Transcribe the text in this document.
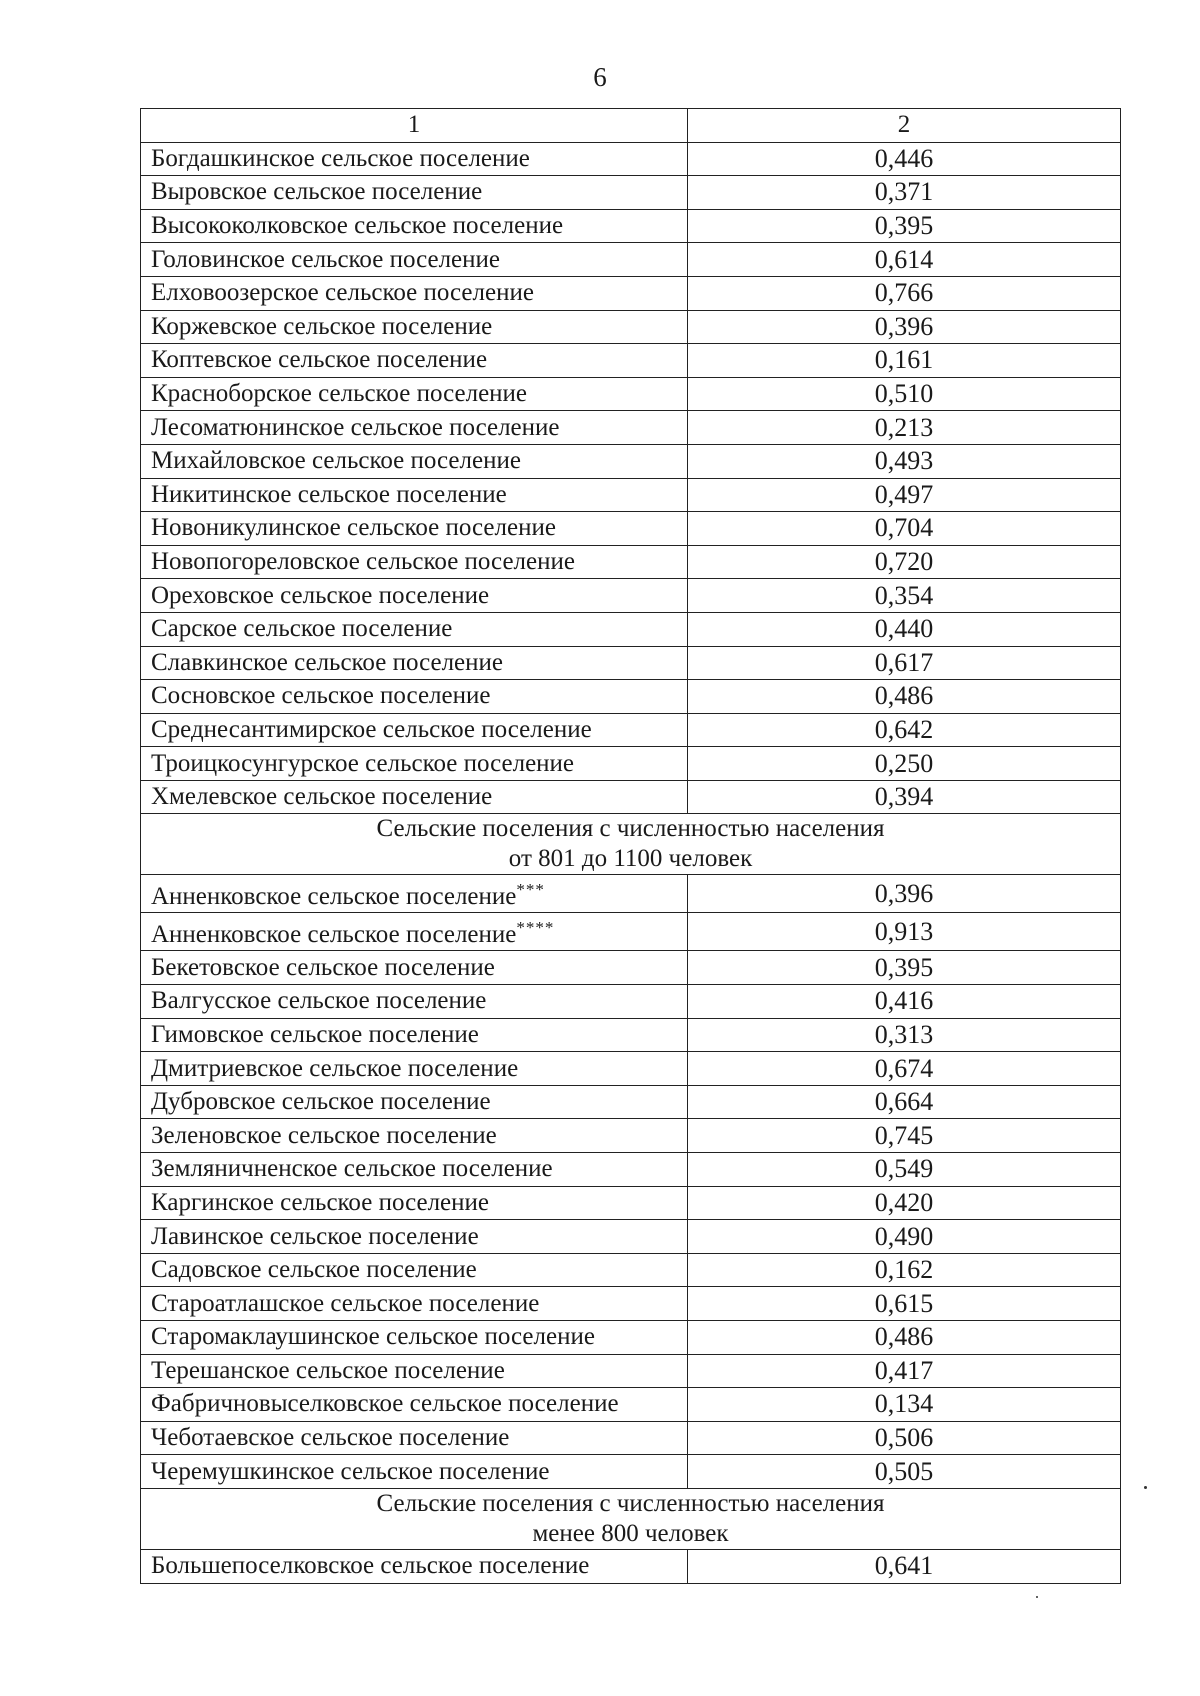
6
1	2
Богдашкинское сельское поселение	0,446
Выровское сельское поселение	0,371
Высококолковское сельское поселение	0,395
Головинское сельское поселение	0,614
Елховоозерское сельское поселение	0,766
Коржевское сельское поселение	0,396
Коптевское сельское поселение	0,161
Красноборское сельское поселение	0,510
Лесоматюнинское сельское поселение	0,213
Михайловское сельское поселение	0,493
Никитинское сельское поселение	0,497
Новоникулинское сельское поселение	0,704
Новопогореловское сельское поселение	0,720
Ореховское сельское поселение	0,354
Сарское сельское поселение	0,440
Славкинское сельское поселение	0,617
Сосновское сельское поселение	0,486
Среднесантимирское сельское поселение	0,642
Троицкосунгурское сельское поселение	0,250
Хмелевское сельское поселение	0,394

Сельские поселения с численностью населения
от 801 до 1100 человек	

Анненковское сельское поселение***	0,396
Анненковское сельское поселение****	0,913
Бекетовское сельское поселение	0,395
Валгусское сельское поселение	0,416
Гимовское сельское поселение	0,313
Дмитриевское сельское поселение	0,674
Дубровское сельское поселение	0,664
Зеленовское сельское поселение	0,745
Земляничненское сельское поселение	0,549
Каргинское сельское поселение	0,420
Лавинское сельское поселение	0,490
Садовское сельское поселение	0,162
Староатлашское сельское поселение	0,615
Старомаклаушинское сельское поселение	0,486
Терешанское сельское поселение	0,417
Фабричновыселковское сельское поселение	0,134
Чеботаевское сельское поселение	0,506
Черемушкинское сельское поселение	0,505

Сельские поселения с численностью населения
менее 800 человек	

Большепоселковское сельское поселение	0,641
